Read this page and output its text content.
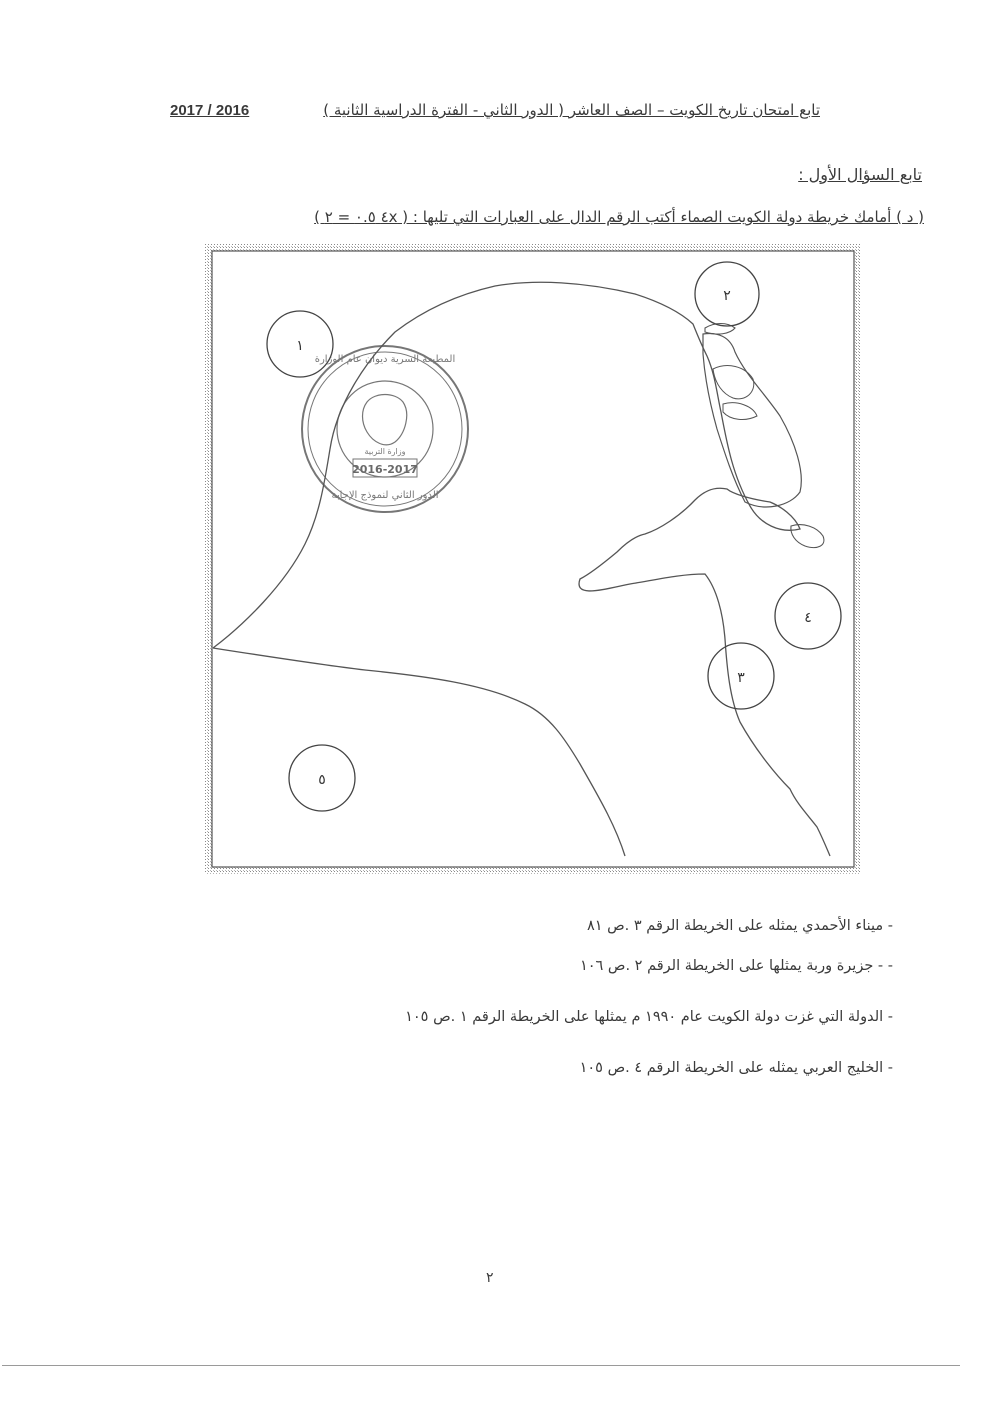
2017 / 2016	تابع امتحان تاريخ الكويت – الصف العاشر ( الدور الثاني - الفترة الدراسية الثانية )
تابع السؤال الأول :
( د ) أمامك خريطة دولة الكويت الصماء أكتب الرقم الدال على العبارات التي تليها : ( ٤x ٠.٥ = ٢ )
١
٢
٣
٤
٥
2016-2017
المطبعة السرية ديوان عام الوزارة
وزارة التربية
الدور الثاني لنموذج الإجابة
- ميناء الأحمدي يمثله على الخريطة الرقم ٣ .ص ٨١
- - جزيرة وربة يمثلها على الخريطة الرقم ٢ .ص ١٠٦
- الدولة التي غزت دولة الكويت عام ١٩٩٠ م يمثلها على الخريطة الرقم ١ .ص ١٠٥
- الخليج العربي يمثله على الخريطة الرقم ٤ .ص ١٠٥
٢
